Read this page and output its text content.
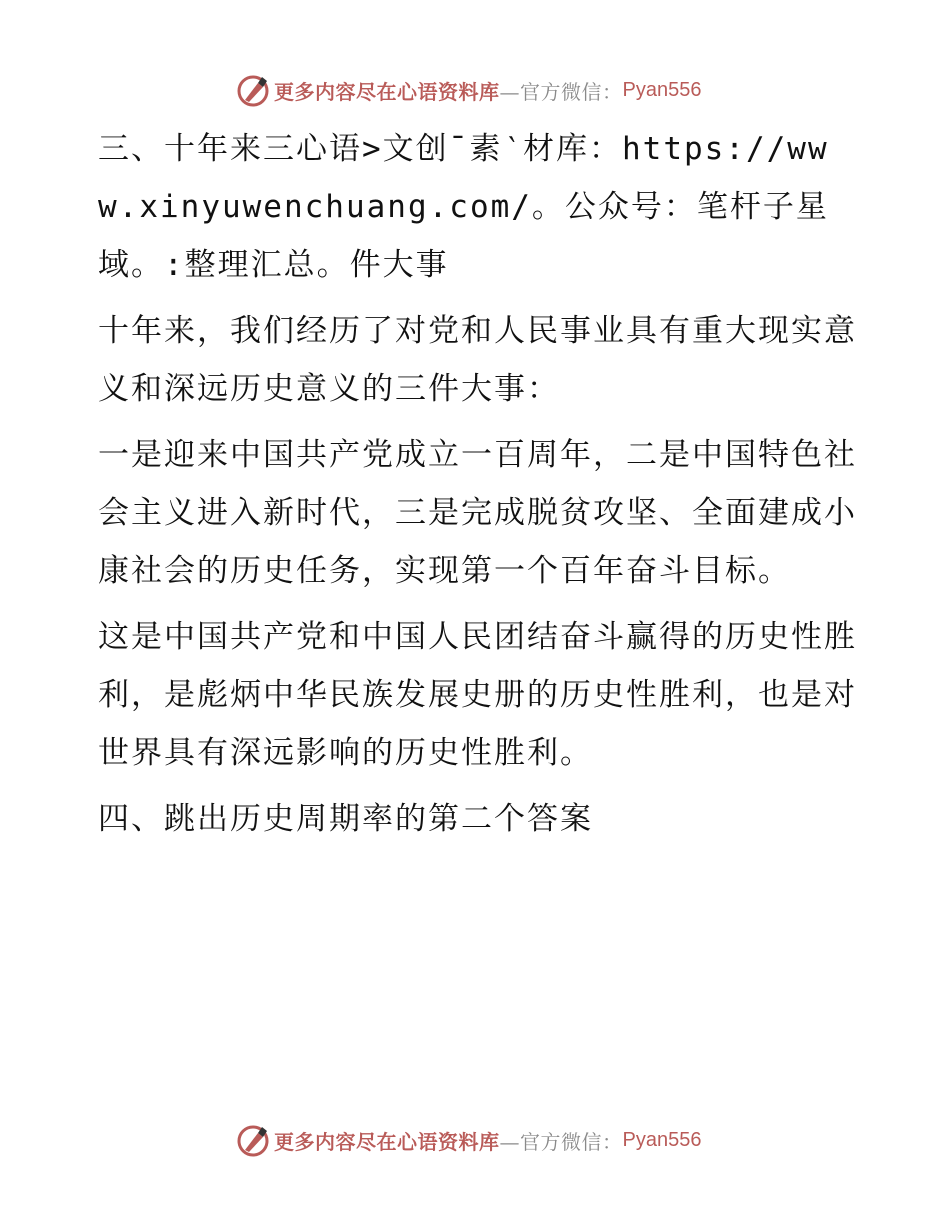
更多内容尽在心语资料库 —官方微信： Pyan556

三、十年来三心语>文创¯素‵材库：https://www.xinyuwenchuang.com/。公众号：笔杆子星域。:整理汇总。件大事

十年来，我们经历了对党和人民事业具有重大现实意义和深远历史意义的三件大事：

一是迎来中国共产党成立一百周年，二是中国特色社会主义进入新时代，三是完成脱贫攻坚、全面建成小康社会的历史任务，实现第一个百年奋斗目标。

这是中国共产党和中国人民团结奋斗赢得的历史性胜利，是彪炳中华民族发展史册的历史性胜利，也是对世界具有深远影响的历史性胜利。

四、跳出历史周期率的第二个答案

更多内容尽在心语资料库 —官方微信： Pyan556
